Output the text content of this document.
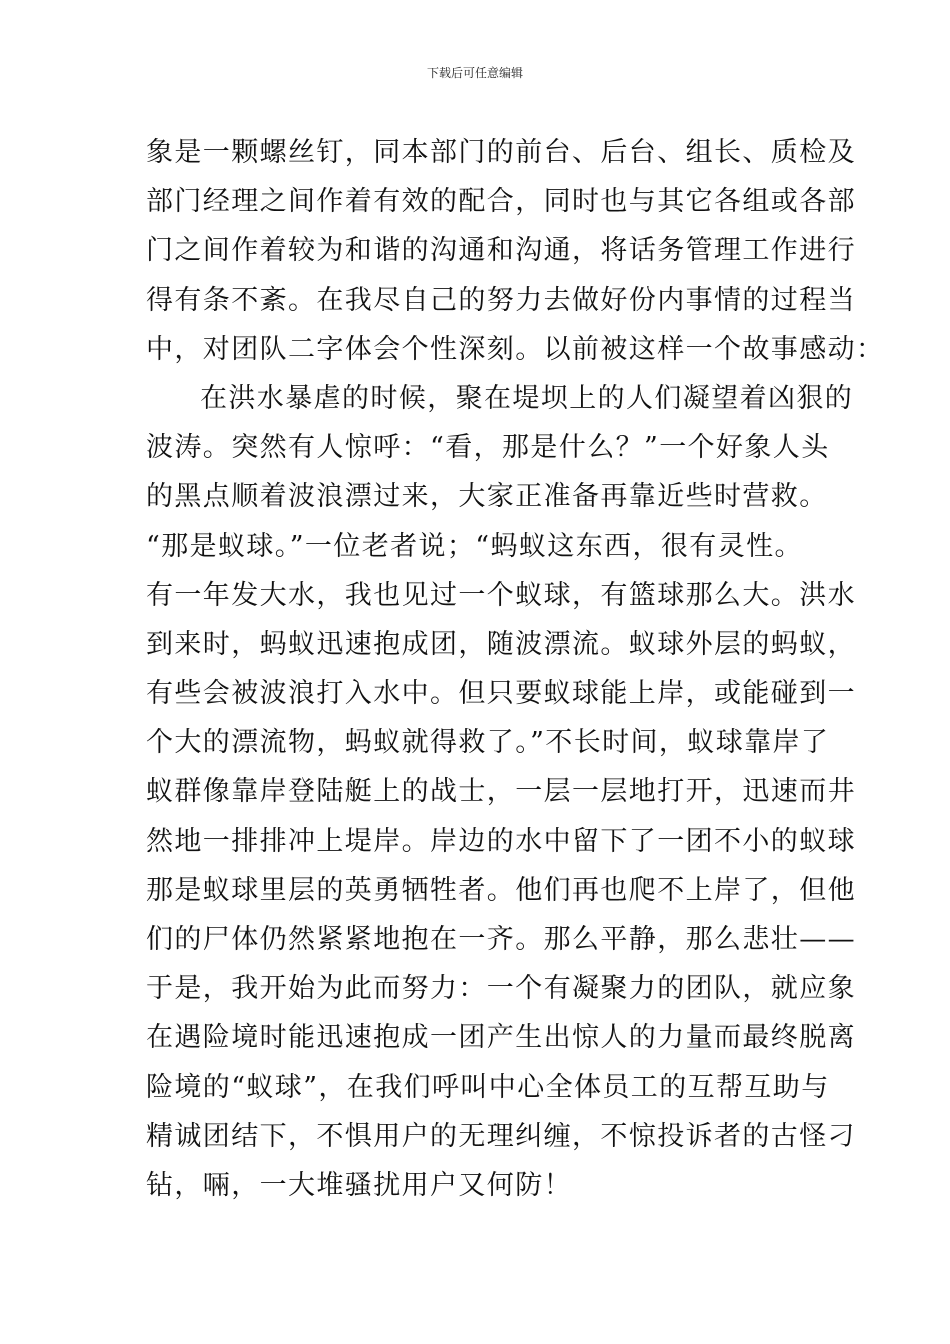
下载后可任意编辑
象是一颗螺丝钉，同本部门的前台、后台、组长、质检及
部门经理之间作着有效的配合，同时也与其它各组或各部
门之间作着较为和谐的沟通和沟通，将话务管理工作进行
得有条不紊。在我尽自己的努力去做好份内事情的过程当
中，对团队二字体会个性深刻。以前被这样一个故事感动：
在洪水暴虐的时候，聚在堤坝上的人们凝望着凶狠的
波涛。突然有人惊呼：“看，那是什么？”一个好象人头
的黑点顺着波浪漂过来，大家正准备再靠近些时营救。
“那是蚁球。”一位老者说；“蚂蚁这东西，很有灵性。
有一年发大水，我也见过一个蚁球，有篮球那么大。洪水
到来时，蚂蚁迅速抱成团，随波漂流。蚁球外层的蚂蚁，
有些会被波浪打入水中。但只要蚁球能上岸，或能碰到一
个大的漂流物，蚂蚁就得救了。”不长时间，蚁球靠岸了
蚁群像靠岸登陆艇上的战士，一层一层地打开，迅速而井
然地一排排冲上堤岸。岸边的水中留下了一团不小的蚁球
那是蚁球里层的英勇牺牲者。他们再也爬不上岸了，但他
们的尸体仍然紧紧地抱在一齐。那么平静，那么悲壮——
于是，我开始为此而努力：一个有凝聚力的团队，就应象
在遇险境时能迅速抱成一团产生出惊人的力量而最终脱离
险境的“蚁球”，在我们呼叫中心全体员工的互帮互助与
精诚团结下，不惧用户的无理纠缠，不惊投诉者的古怪刁
钻，啢，一大堆骚扰用户又何防！
